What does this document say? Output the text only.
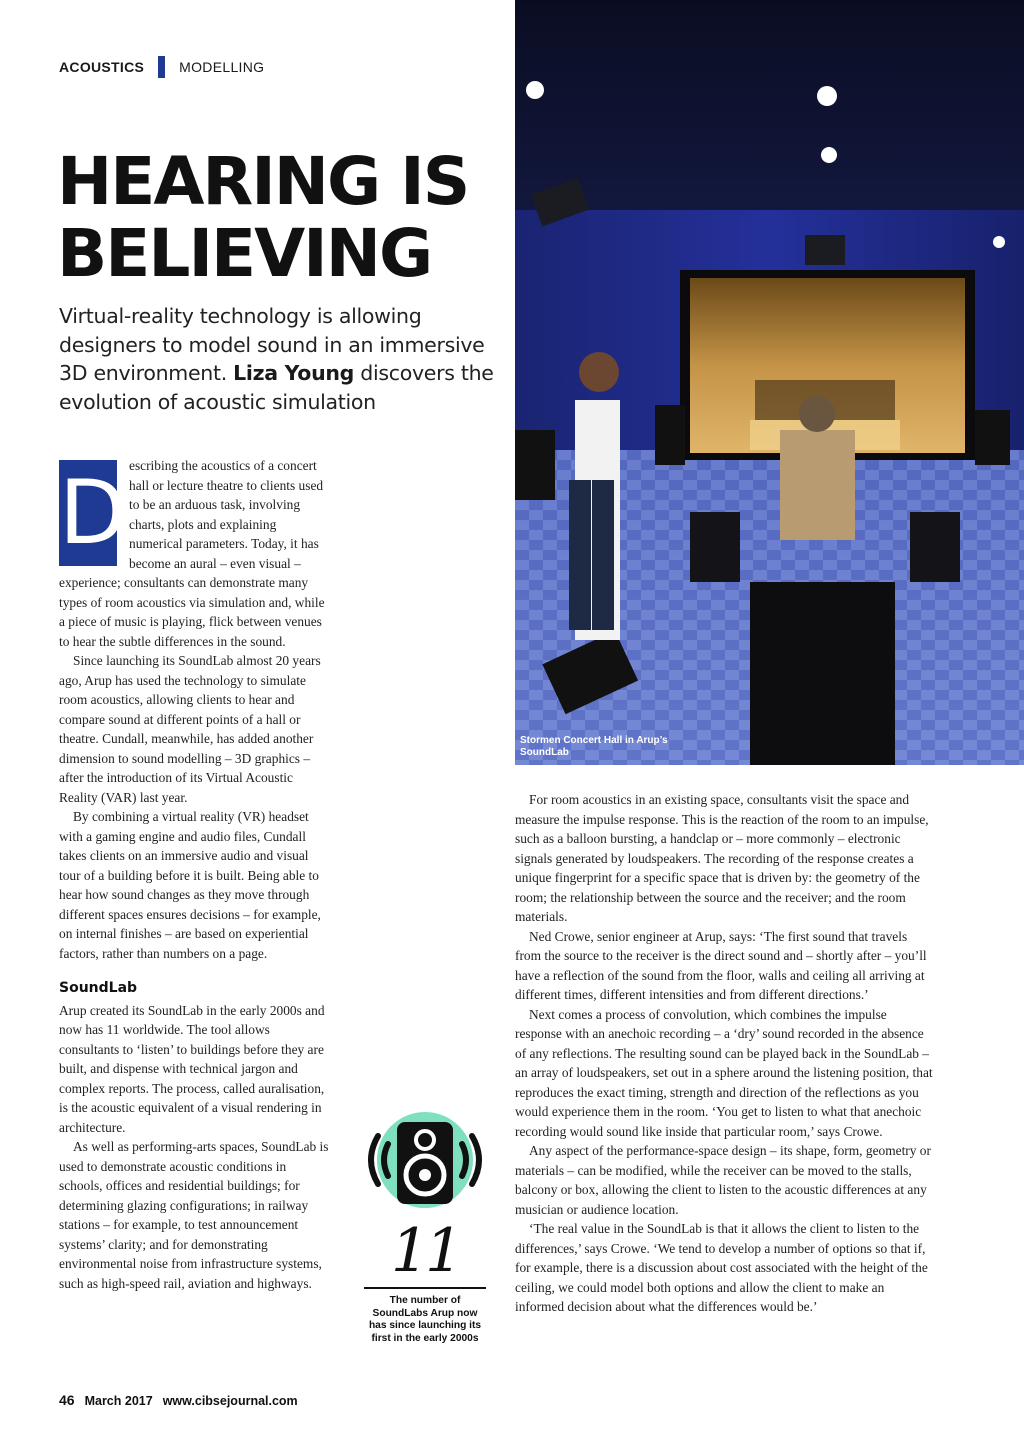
ACOUSTICS	MODELLING
HEARING IS
BELIEVING
Virtual-reality technology is allowing designers to model sound in an immersive 3D environment. Liza Young discovers the evolution of acoustic simulation

D escribing the acoustics of a concert hall or lecture theatre to clients used to be an arduous task, involving charts, plots and explaining numerical parameters. Today, it has become an aural – even visual – experience; consultants can demonstrate many types of room acoustics via simulation and, while a piece of music is playing, flick between venues to hear the subtle differences in the sound.

Since launching its SoundLab almost 20 years ago, Arup has used the technology to simulate room acoustics, allowing clients to hear and compare sound at different points of a hall or theatre. Cundall, meanwhile, has added another dimension to sound modelling – 3D graphics – after the introduction of its Virtual Acoustic Reality (VAR) last year.

By combining a virtual reality (VR) headset with a gaming engine and audio files, Cundall takes clients on an immersive audio and visual tour of a building before it is built. Being able to hear how sound changes as they move through different spaces ensures decisions – for example, on internal finishes – are based on experiential factors, rather than numbers on a page.

SoundLab

Arup created its SoundLab in the early 2000s and now has 11 worldwide. The tool allows consultants to ‘listen’ to buildings before they are built, and dispense with technical jargon and complex reports. The process, called auralisation, is the acoustic equivalent of a visual rendering in architecture.

As well as performing-arts spaces, SoundLab is used to demonstrate acoustic conditions in schools, offices and residential buildings; for determining glazing configurations; in railway stations – for example, to test announcement systems’ clarity; and for demonstrating environmental noise from infrastructure systems, such as high-speed rail, aviation and highways.

Stormen Concert Hall in Arup’s SoundLab

For room acoustics in an existing space, consultants visit the space and measure the impulse response. This is the reaction of the room to an impulse, such as a balloon bursting, a handclap or – more commonly – electronic signals generated by loudspeakers. The recording of the response creates a unique fingerprint for a specific space that is driven by: the geometry of the room; the relationship between the source and the receiver; and the room materials.

Ned Crowe, senior engineer at Arup, says: ‘The first sound that travels from the source to the receiver is the direct sound and – shortly after – you’ll have a reflection of the sound from the floor, walls and ceiling all arriving at different times, different intensities and from different directions.’

Next comes a process of convolution, which combines the impulse response with an anechoic recording – a ‘dry’ sound recorded in the absence of any reflections. The resulting sound can be played back in the SoundLab – an array of loudspeakers, set out in a sphere around the listening position, that reproduces the exact timing, strength and direction of the reflections as you would experience them in the room. ‘You get to listen to what that anechoic recording would sound like inside that particular room,’ says Crowe.

Any aspect of the performance-space design – its shape, form, geometry or materials – can be modified, while the receiver can be moved to the stalls, balcony or box, allowing the client to listen to the acoustic differences at any musician or audience location.

‘The real value in the SoundLab is that it allows the client to listen to the differences,’ says Crowe. ‘We tend to develop a number of options so that if, for example, there is a discussion about cost associated with the height of the ceiling, we could model both options and allow the client to make an informed decision about what the differences would be.’

11
The number of SoundLabs Arup now has since launching its first in the early 2000s
46 March 2017 www.cibsejournal.com
